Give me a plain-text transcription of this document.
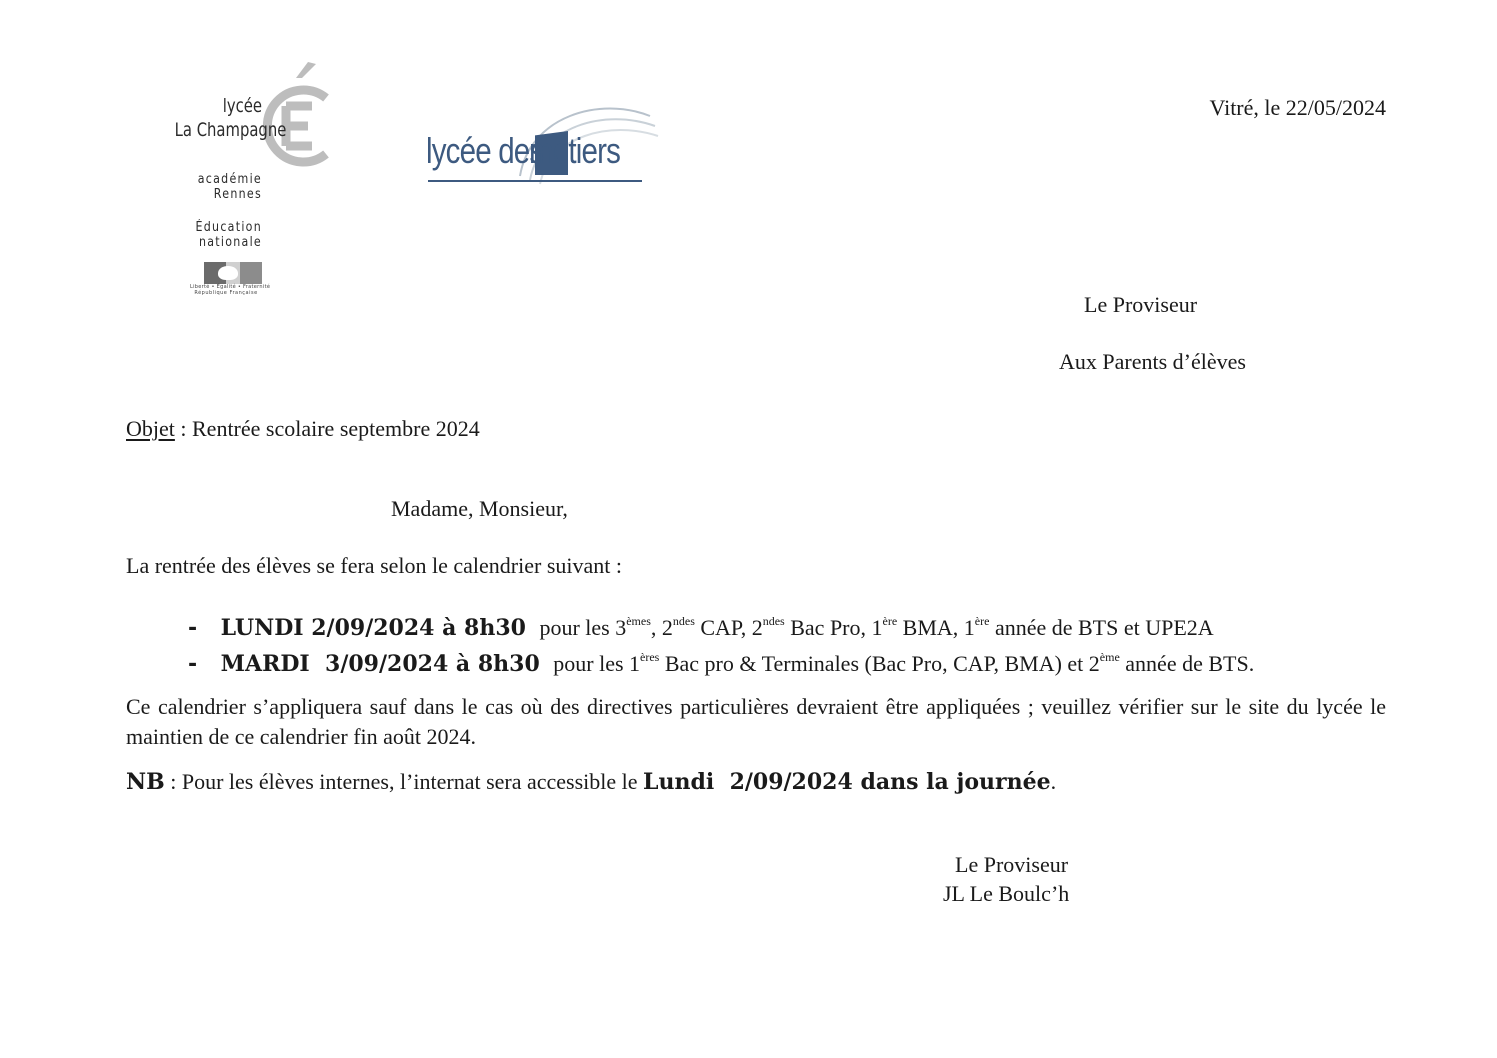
lycée
La Champagne
académie
Rennes
Éducation
nationale
Liberté • Égalité • Fraternité
République Française
lycée desmétiers
Vitré, le 22/05/2024
Le Proviseur
Aux Parents d’élèves
Objet : Rentrée scolaire septembre 2024
Madame, Monsieur,
La rentrée des élèves se fera selon le calendrier suivant :
- LUNDI 2/09/2024 à 8h30 pour les 3èmes, $2^{ndes}$ CAP, $2^{ndes}$ Bac Pro, 1ère BMA, 1ère année de BTS et UPE2A
- MARDI  3/09/2024 à 8h30 pour les 1ères Bac pro & Terminales (Bac Pro, CAP, BMA) et 2ème année de BTS.
Ce calendrier s’appliquera sauf dans le cas où des directives particulières devraient être appliquées ; veuillez vérifier sur le site du lycée le maintien de ce calendrier fin août 2024.
NB : Pour les élèves internes, l’internat sera accessible le Lundi  2/09/2024 dans la journée.
Le Proviseur
JL Le Boulc’h
